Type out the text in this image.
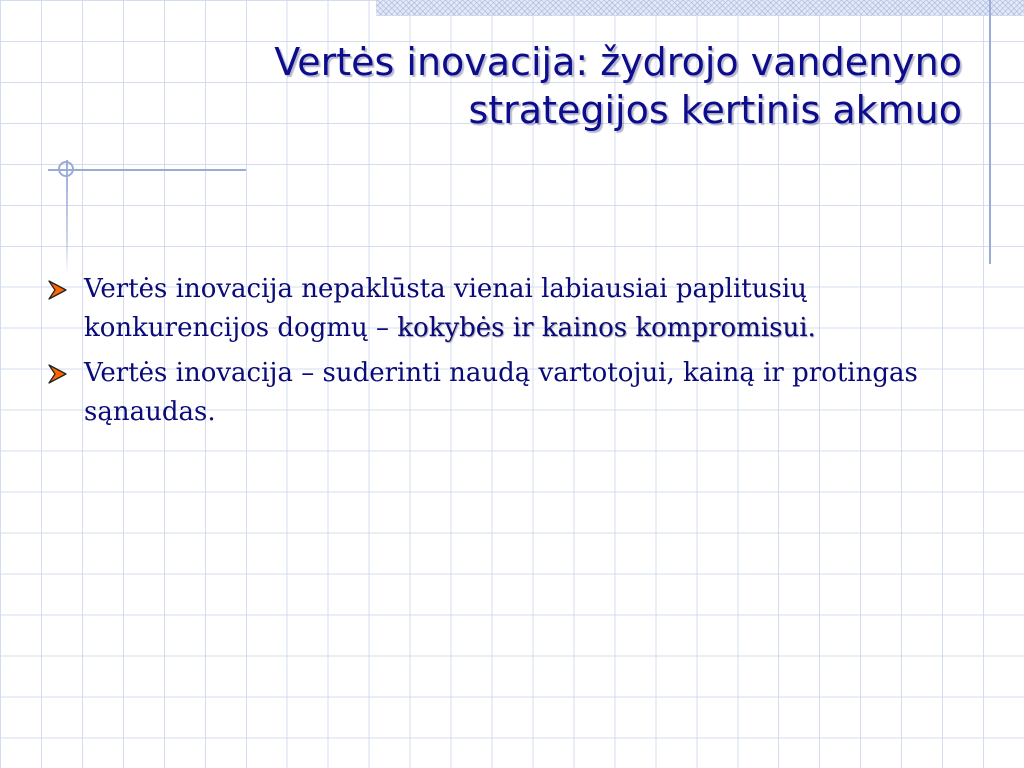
Vertės inovacija: žydrojo vandenyno
strategijos kertinis akmuo
Vertės inovacija nepaklūsta vienai labiausiai paplitusių konkurencijos dogmų – kokybės ir kainos kompromisui.
Vertės inovacija – suderinti naudą vartotojui, kainą ir protingas sąnaudas.
